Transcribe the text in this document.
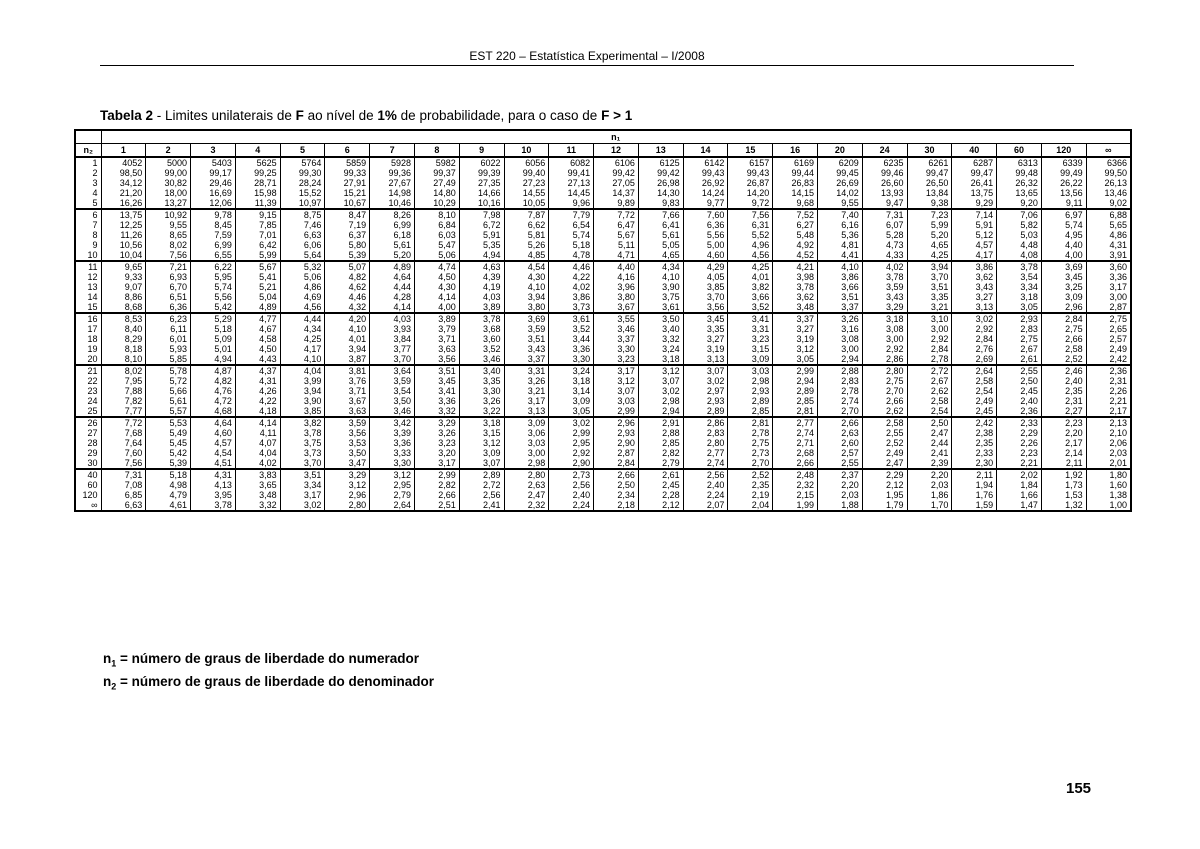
EST 220 – Estatística Experimental – I/2008
Tabela 2 - Limites unilaterais de F ao nível de 1% de probabilidade, para o caso de F > 1
	n₁																						
n₂	1	2	3	4	5	6	7	8	9	10	11	12	13	14	15	16	20	24	30	40	60	120	∞
1	4052	5000	5403	5625	5764	5859	5928	5982	6022	6056	6082	6106	6125	6142	6157	6169	6209	6235	6261	6287	6313	6339	6366
2	98,50	99,00	99,17	99,25	99,30	99,33	99,36	99,37	99,39	99,40	99,41	99,42	99,42	99,43	99,43	99,44	99,45	99,46	99,47	99,47	99,48	99,49	99,50
3	34,12	30,82	29,46	28,71	28,24	27,91	27,67	27,49	27,35	27,23	27,13	27,05	26,98	26,92	26,87	26,83	26,69	26,60	26,50	26,41	26,32	26,22	26,13
4	21,20	18,00	16,69	15,98	15,52	15,21	14,98	14,80	14,66	14,55	14,45	14,37	14,30	14,24	14,20	14,15	14,02	13,93	13,84	13,75	13,65	13,56	13,46
5	16,26	13,27	12,06	11,39	10,97	10,67	10,46	10,29	10,16	10,05	9,96	9,89	9,83	9,77	9,72	9,68	9,55	9,47	9,38	9,29	9,20	9,11	9,02
6	13,75	10,92	9,78	9,15	8,75	8,47	8,26	8,10	7,98	7,87	7,79	7,72	7,66	7,60	7,56	7,52	7,40	7,31	7,23	7,14	7,06	6,97	6,88
7	12,25	9,55	8,45	7,85	7,46	7,19	6,99	6,84	6,72	6,62	6,54	6,47	6,41	6,36	6,31	6,27	6,16	6,07	5,99	5,91	5,82	5,74	5,65
8	11,26	8,65	7,59	7,01	6,63	6,37	6,18	6,03	5,91	5,81	5,74	5,67	5,61	5,56	5,52	5,48	5,36	5,28	5,20	5,12	5,03	4,95	4,86
9	10,56	8,02	6,99	6,42	6,06	5,80	5,61	5,47	5,35	5,26	5,18	5,11	5,05	5,00	4,96	4,92	4,81	4,73	4,65	4,57	4,48	4,40	4,31
10	10,04	7,56	6,55	5,99	5,64	5,39	5,20	5,06	4,94	4,85	4,78	4,71	4,65	4,60	4,56	4,52	4,41	4,33	4,25	4,17	4,08	4,00	3,91
11	9,65	7,21	6,22	5,67	5,32	5,07	4,89	4,74	4,63	4,54	4,46	4,40	4,34	4,29	4,25	4,21	4,10	4,02	3,94	3,86	3,78	3,69	3,60
12	9,33	6,93	5,95	5,41	5,06	4,82	4,64	4,50	4,39	4,30	4,22	4,16	4,10	4,05	4,01	3,98	3,86	3,78	3,70	3,62	3,54	3,45	3,36
13	9,07	6,70	5,74	5,21	4,86	4,62	4,44	4,30	4,19	4,10	4,02	3,96	3,90	3,85	3,82	3,78	3,66	3,59	3,51	3,43	3,34	3,25	3,17
14	8,86	6,51	5,56	5,04	4,69	4,46	4,28	4,14	4,03	3,94	3,86	3,80	3,75	3,70	3,66	3,62	3,51	3,43	3,35	3,27	3,18	3,09	3,00
15	8,68	6,36	5,42	4,89	4,56	4,32	4,14	4,00	3,89	3,80	3,73	3,67	3,61	3,56	3,52	3,48	3,37	3,29	3,21	3,13	3,05	2,96	2,87
16	8,53	6,23	5,29	4,77	4,44	4,20	4,03	3,89	3,78	3,69	3,61	3,55	3,50	3,45	3,41	3,37	3,26	3,18	3,10	3,02	2,93	2,84	2,75
17	8,40	6,11	5,18	4,67	4,34	4,10	3,93	3,79	3,68	3,59	3,52	3,46	3,40	3,35	3,31	3,27	3,16	3,08	3,00	2,92	2,83	2,75	2,65
18	8,29	6,01	5,09	4,58	4,25	4,01	3,84	3,71	3,60	3,51	3,44	3,37	3,32	3,27	3,23	3,19	3,08	3,00	2,92	2,84	2,75	2,66	2,57
19	8,18	5,93	5,01	4,50	4,17	3,94	3,77	3,63	3,52	3,43	3,36	3,30	3,24	3,19	3,15	3,12	3,00	2,92	2,84	2,76	2,67	2,58	2,49
20	8,10	5,85	4,94	4,43	4,10	3,87	3,70	3,56	3,46	3,37	3,30	3,23	3,18	3,13	3,09	3,05	2,94	2,86	2,78	2,69	2,61	2,52	2,42
21	8,02	5,78	4,87	4,37	4,04	3,81	3,64	3,51	3,40	3,31	3,24	3,17	3,12	3,07	3,03	2,99	2,88	2,80	2,72	2,64	2,55	2,46	2,36
22	7,95	5,72	4,82	4,31	3,99	3,76	3,59	3,45	3,35	3,26	3,18	3,12	3,07	3,02	2,98	2,94	2,83	2,75	2,67	2,58	2,50	2,40	2,31
23	7,88	5,66	4,76	4,26	3,94	3,71	3,54	3,41	3,30	3,21	3,14	3,07	3,02	2,97	2,93	2,89	2,78	2,70	2,62	2,54	2,45	2,35	2,26
24	7,82	5,61	4,72	4,22	3,90	3,67	3,50	3,36	3,26	3,17	3,09	3,03	2,98	2,93	2,89	2,85	2,74	2,66	2,58	2,49	2,40	2,31	2,21
25	7,77	5,57	4,68	4,18	3,85	3,63	3,46	3,32	3,22	3,13	3,05	2,99	2,94	2,89	2,85	2,81	2,70	2,62	2,54	2,45	2,36	2,27	2,17
26	7,72	5,53	4,64	4,14	3,82	3,59	3,42	3,29	3,18	3,09	3,02	2,96	2,91	2,86	2,81	2,77	2,66	2,58	2,50	2,42	2,33	2,23	2,13
27	7,68	5,49	4,60	4,11	3,78	3,56	3,39	3,26	3,15	3,06	2,99	2,93	2,88	2,83	2,78	2,74	2,63	2,55	2,47	2,38	2,29	2,20	2,10
28	7,64	5,45	4,57	4,07	3,75	3,53	3,36	3,23	3,12	3,03	2,95	2,90	2,85	2,80	2,75	2,71	2,60	2,52	2,44	2,35	2,26	2,17	2,06
29	7,60	5,42	4,54	4,04	3,73	3,50	3,33	3,20	3,09	3,00	2,92	2,87	2,82	2,77	2,73	2,68	2,57	2,49	2,41	2,33	2,23	2,14	2,03
30	7,56	5,39	4,51	4,02	3,70	3,47	3,30	3,17	3,07	2,98	2,90	2,84	2,79	2,74	2,70	2,66	2,55	2,47	2,39	2,30	2,21	2,11	2,01
40	7,31	5,18	4,31	3,83	3,51	3,29	3,12	2,99	2,89	2,80	2,73	2,66	2,61	2,56	2,52	2,48	2,37	2,29	2,20	2,11	2,02	1,92	1,80
60	7,08	4,98	4,13	3,65	3,34	3,12	2,95	2,82	2,72	2,63	2,56	2,50	2,45	2,40	2,35	2,32	2,20	2,12	2,03	1,94	1,84	1,73	1,60
120	6,85	4,79	3,95	3,48	3,17	2,96	2,79	2,66	2,56	2,47	2,40	2,34	2,28	2,24	2,19	2,15	2,03	1,95	1,86	1,76	1,66	1,53	1,38
∞	6,63	4,61	3,78	3,32	3,02	2,80	2,64	2,51	2,41	2,32	2,24	2,18	2,12	2,07	2,04	1,99	1,88	1,79	1,70	1,59	1,47	1,32	1,00
$n_1$ = número de graus de liberdade do numerador
$n_2$ = número de graus de liberdade do denominador
155
